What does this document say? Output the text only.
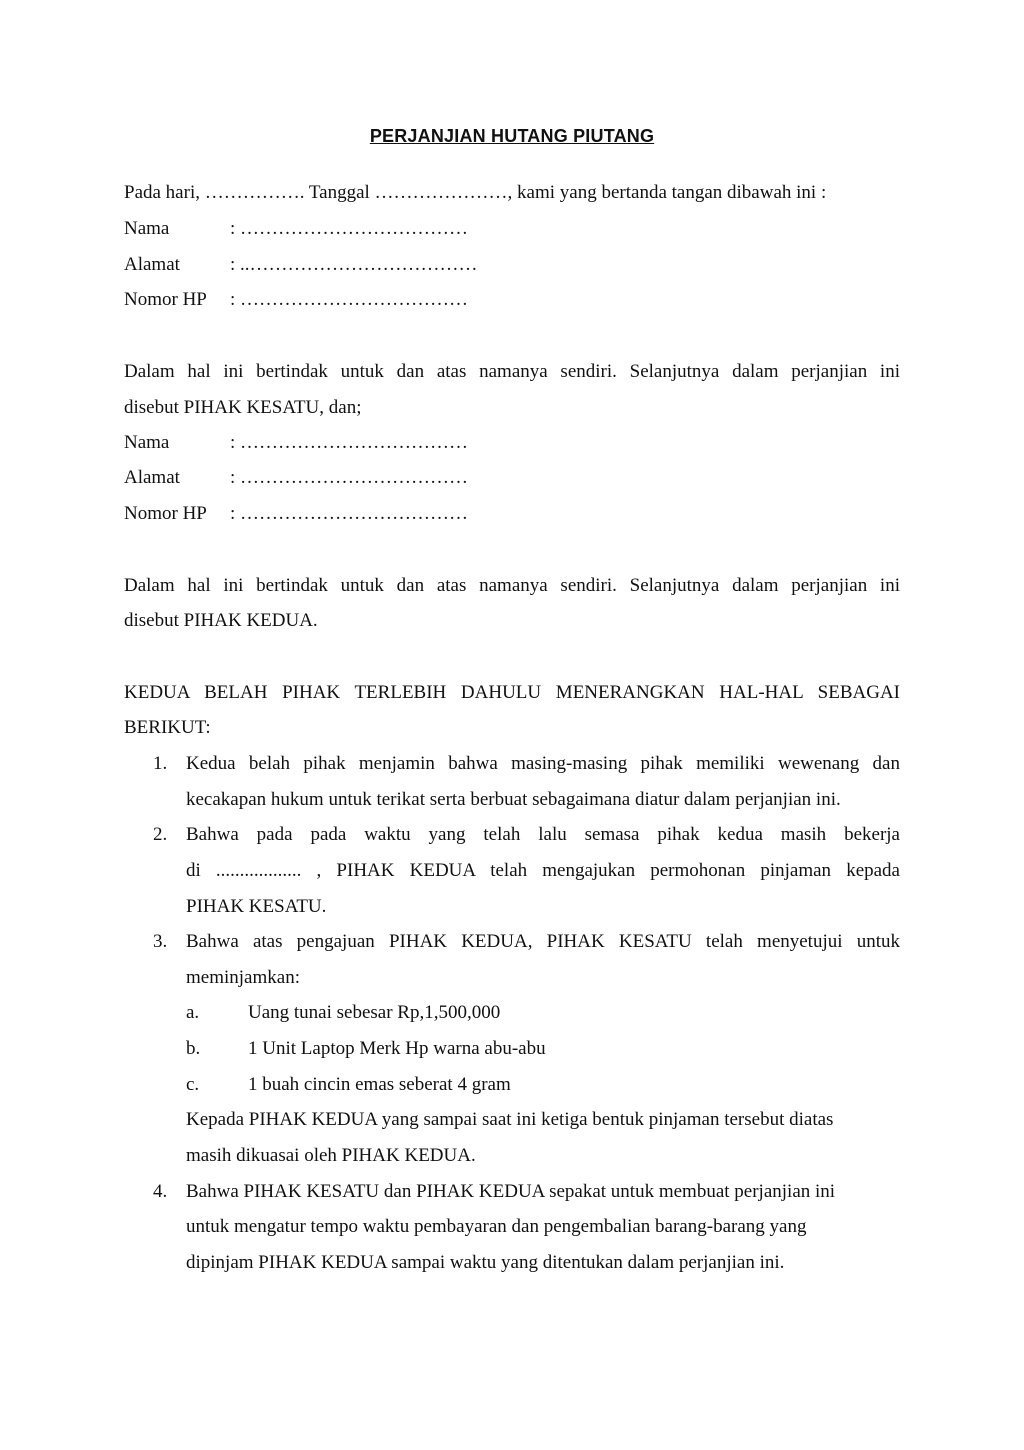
PERJANJIAN HUTANG PIUTANG
Pada hari, ……………. Tanggal …………………, kami yang bertanda tangan dibawah ini :
Nama	: ………………………………
Alamat	: ..………………………………
Nomor HP : ………………………………
Dalam hal ini bertindak untuk dan atas namanya sendiri. Selanjutnya dalam perjanjian ini
disebut PIHAK KESATU, dan;
Nama	: ………………………………
Alamat	: ………………………………
Nomor HP : ………………………………
Dalam hal ini bertindak untuk dan atas namanya sendiri. Selanjutnya dalam perjanjian ini
disebut PIHAK KEDUA.
KEDUA BELAH PIHAK TERLEBIH DAHULU MENERANGKAN HAL-HAL SEBAGAI
BERIKUT:
1. Kedua belah pihak menjamin bahwa masing-masing pihak memiliki wewenang dan
kecakapan hukum untuk terikat serta berbuat sebagaimana diatur dalam perjanjian ini.
2. Bahwa pada pada waktu yang telah lalu semasa pihak kedua masih bekerja
di .................. , PIHAK KEDUA telah mengajukan permohonan pinjaman kepada
PIHAK KESATU.
3. Bahwa atas pengajuan PIHAK KEDUA, PIHAK KESATU telah menyetujui untuk
meminjamkan:
a.	Uang tunai sebesar Rp,1,500,000
b.	1 Unit Laptop Merk Hp warna abu-abu
c.	1 buah cincin emas seberat 4 gram
Kepada PIHAK KEDUA yang sampai saat ini ketiga bentuk pinjaman tersebut diatas
masih dikuasai oleh PIHAK KEDUA.
4. Bahwa PIHAK KESATU dan PIHAK KEDUA sepakat untuk membuat perjanjian ini
untuk mengatur tempo waktu pembayaran dan pengembalian barang-barang yang
dipinjam PIHAK KEDUA sampai waktu yang ditentukan dalam perjanjian ini.
